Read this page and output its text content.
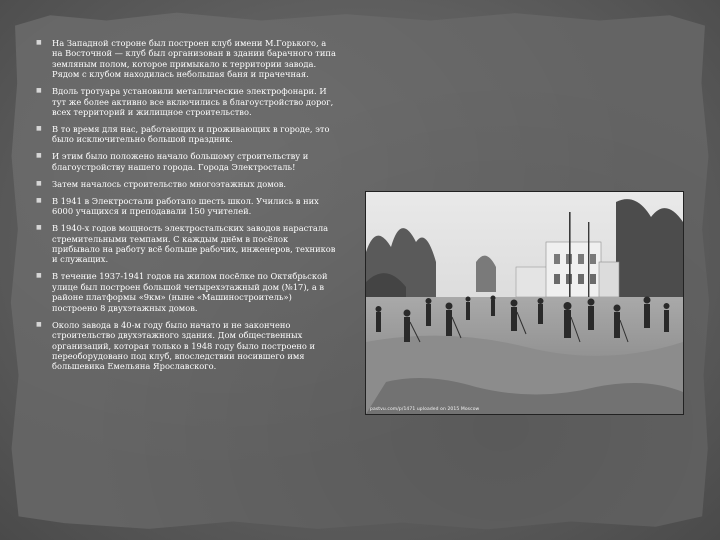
■ На Западной стороне был построен клуб имени М.Горького, а на Восточной — клуб был организован в здании барачного типа земляным полом, которое примыкало к территории завода. Рядом с клубом находилась небольшая баня и прачечная.
■ Вдоль тротуара установили металлические электрофонари. И тут же более активно все включились в благоустройство дорог, всех территорий и жилищное строительство.
■ В то время для нас, работающих и проживающих в городе, это было исключительно большой праздник.
■ И этим было положено начало большому строительству и благоустройству нашего города. Города Электросталь!
■ Затем началось строительство многоэтажных домов.
■ В 1941 в Электростали работало шесть школ. Учились в них 6000 учащихся и преподавали 150 учителей.
■ В 1940-х годов мощность электростальских заводов нарастала стремительными темпами. С каждым днём в посёлок прибывало на работу всё больше рабочих, инженеров, техников и служащих.
■ В течение 1937-1941 годов на жилом посёлке по Октябрьской улице был построен большой четырехэтажный дом (№17), а в районе платформы «9км» (ныне «Машиностроитель») построено 8 двухэтажных домов.
■ Около завода в 40-м году было начато и не закончено строительство двухэтажного здания. Дом общественных организаций, которая только в 1948 году было построено и переоборудовано под клуб, впоследствии носившего имя большевика Емельяна Ярославского.
pastvu.com/p/1471 uploaded on 2015 Moscow
